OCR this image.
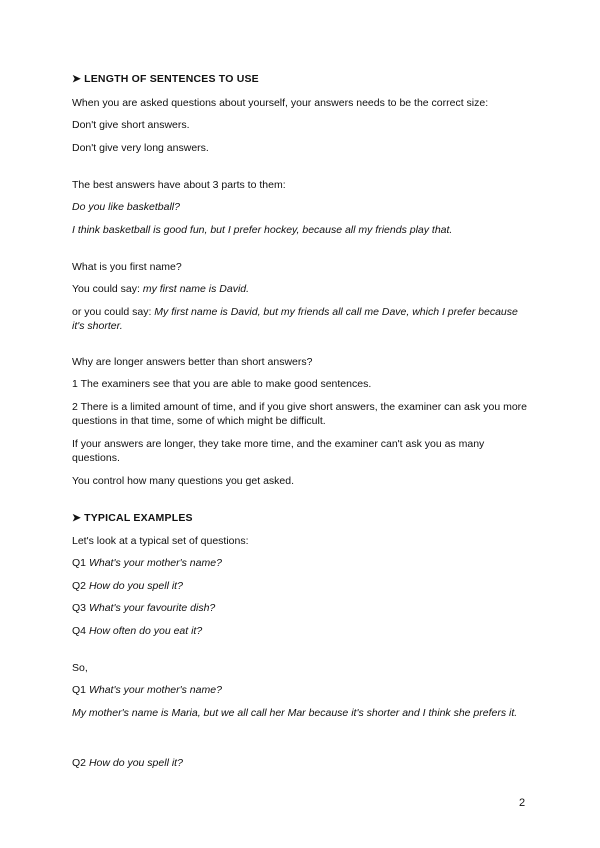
➤ LENGTH OF SENTENCES TO USE
When you are asked questions about yourself, your answers needs to be the correct size:
Don't give short answers.
Don't give very long answers.
The best answers have about 3 parts to them:
Do you like basketball?
I think basketball is good fun, but I prefer hockey, because all my friends play that.
What is you first name?
You could say: my first name is David.
or you could say: My first name is David, but my friends all call me Dave, which I prefer because it's shorter.
Why are longer answers better than short answers?
1 The examiners see that you are able to make good sentences.
2 There is a limited amount of time, and if you give short answers, the examiner can ask you more questions in that time, some of which might be difficult.
If your answers are longer, they take more time, and the examiner can't ask you as many questions.
You control how many questions you get asked.
➤ TYPICAL EXAMPLES
Let's look at a typical set of questions:
Q1 What's your mother's name?
Q2 How do you spell it?
Q3 What's your favourite dish?
Q4 How often do you eat it?
So,
Q1 What's your mother's name?
My mother's name is Maria, but we all call her Mar because it's shorter and I think she prefers it.
Q2 How do you spell it?
2
